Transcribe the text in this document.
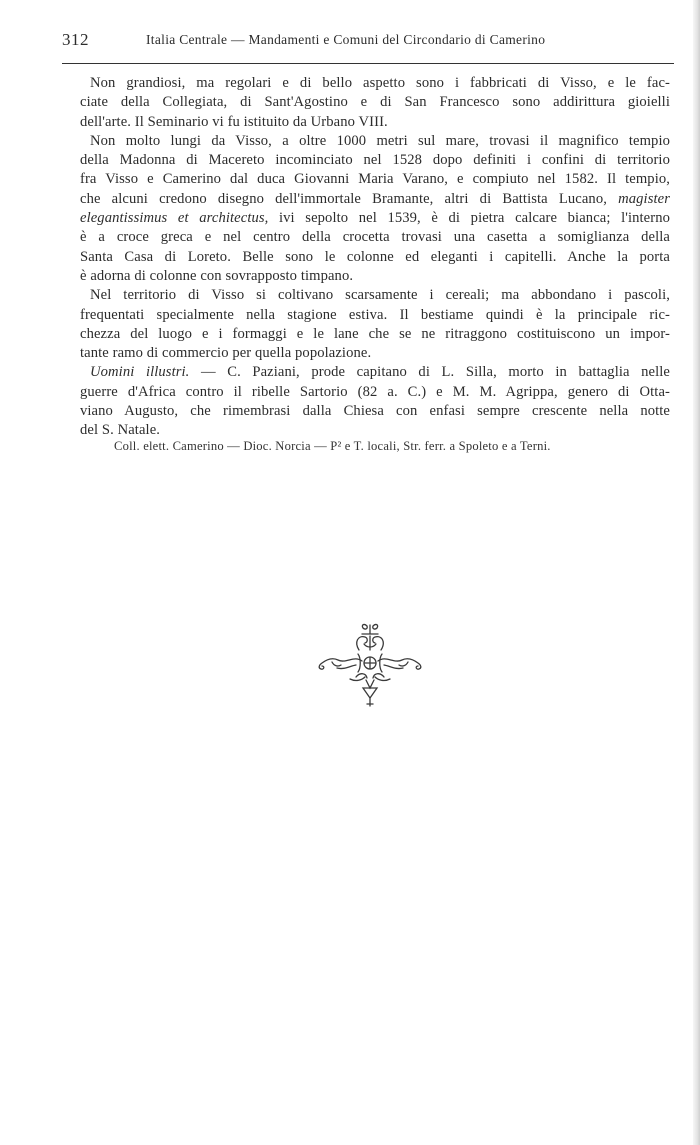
312	Italia Centrale — Mandamenti e Comuni del Circondario di Camerino
Non grandiosi, ma regolari e di bello aspetto sono i fabbricati di Visso, e le fac-
ciate della Collegiata, di Sant'Agostino e di San Francesco sono addirittura gioielli
dell'arte. Il Seminario vi fu istituito da Urbano VIII.
Non molto lungi da Visso, a oltre 1000 metri sul mare, trovasi il magnifico tempio
della Madonna di Macereto incominciato nel 1528 dopo definiti i confini di territorio
fra Visso e Camerino dal duca Giovanni Maria Varano, e compiuto nel 1582. Il tempio,
che alcuni credono disegno dell'immortale Bramante, altri di Battista Lucano, magister
elegantissimus et architectus, ivi sepolto nel 1539, è di pietra calcare bianca; l'interno
è a croce greca e nel centro della crocetta trovasi una casetta a somiglianza della
Santa Casa di Loreto. Belle sono le colonne ed eleganti i capitelli. Anche la porta
è adorna di colonne con sovrapposto timpano.
Nel territorio di Visso si coltivano scarsamente i cereali; ma abbondano i pascoli,
frequentati specialmente nella stagione estiva. Il bestiame quindi è la principale ric-
chezza del luogo e i formaggi e le lane che se ne ritraggono costituiscono un impor-
tante ramo di commercio per quella popolazione.
Uomini illustri. — C. Paziani, prode capitano di L. Silla, morto in battaglia nelle
guerre d'Africa contro il ribelle Sartorio (82 a. C.) e M. M. Agrippa, genero di Otta-
viano Augusto, che rimembrasi dalla Chiesa con enfasi sempre crescente nella notte
del S. Natale.
Coll. elett. Camerino — Dioc. Norcia — P² e T. locali, Str. ferr. a Spoleto e a Terni.
